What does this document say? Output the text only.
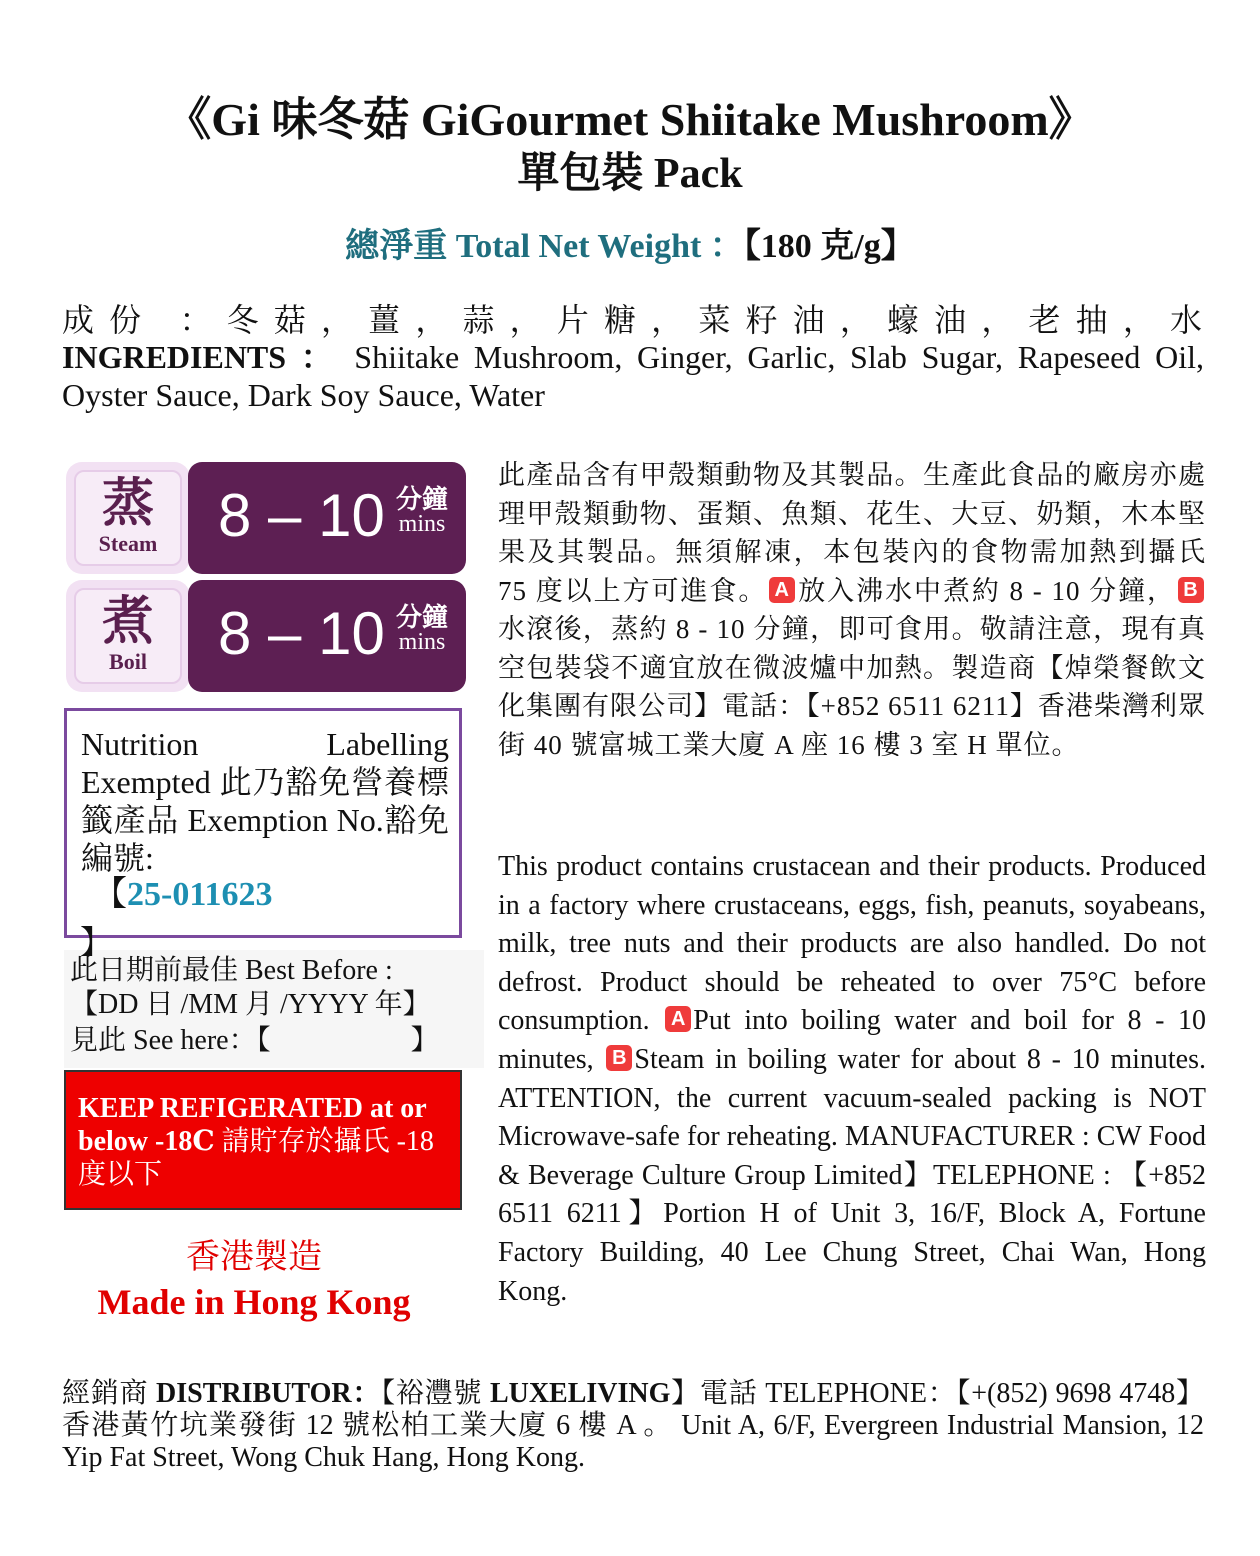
《Gi 味冬菇 GiGourmet Shiitake Mushroom》
單包裝 Pack
總淨重 Total Net Weight ：【180 克/g】
成份 ：冬菇，薑，蒜，片糖，菜籽油，蠔油，老抽，水
INGREDIENTS ： Shiitake Mushroom, Ginger, Garlic, Slab Sugar, Rapeseed Oil, Oyster Sauce, Dark Soy Sauce, Water
蒸
Steam	8 – 10 分鐘
mins
煮
Boil	8 – 10 分鐘
mins
Nutrition Labelling Exempted 此乃豁免營養標籤產品 Exemption No.豁免編號:
【25-011623
此日期前最佳 Best Before :
【DD 日 /MM 月 /YYYY 年】
見此 See here：【　　　　　】
】
KEEP REFIGERATED at or below -18Ⅽ 請貯存於攝氏 -18 度以下
香港製造
Made in Hong Kong
此產品含有甲殼類動物及其製品。生產此食品的廠房亦處理甲殼類動物、蛋類、魚類、花生、大豆、奶類，木本堅果及其製品。無須解凍，本包裝內的食物需加熱到攝氏 75 度以上方可進食。 A 放入沸水中煮約 8 - 10 分鐘， B水滾後，蒸約 8 - 10 分鐘，即可食用。敬請注意，現有真空包裝袋不適宜放在微波爐中加熱。製造商【焯榮餐飲文化集團有限公司】電話：【+852 6511 6211】香港柴灣利眾街 40 號富城工業大廈 A 座 16 樓 3 室 H 單位。
This product contains crustacean and their products. Produced in a factory where crustaceans, eggs, fish, peanuts, soyabeans, milk, tree nuts and their products are also handled. Do not defrost. Product should be reheated to over 75°C before consumption. A Put into boiling water and boil for 8 - 10 minutes, B Steam in boiling water for about 8 - 10 minutes. ATTENTION, the current vacuum-sealed packing is NOT Microwave-safe for reheating. MANUFACTURER : CW Food & Beverage Culture Group Limited】TELEPHONE : 【+852 6511 6211】Portion H of Unit 3, 16/F, Block A, Fortune Factory Building, 40 Lee Chung Street, Chai Wan, Hong Kong.
經銷商 DISTRIBUTOR：【裕灃號 LUXELIVING】電話 TELEPHONE：【+(852) 9698 4748】香港黃竹坑業發街 12 號松柏工業大廈 6 樓 A 。 Unit A, 6/F, Evergreen Industrial Mansion, 12 Yip Fat Street, Wong Chuk Hang, Hong Kong.
